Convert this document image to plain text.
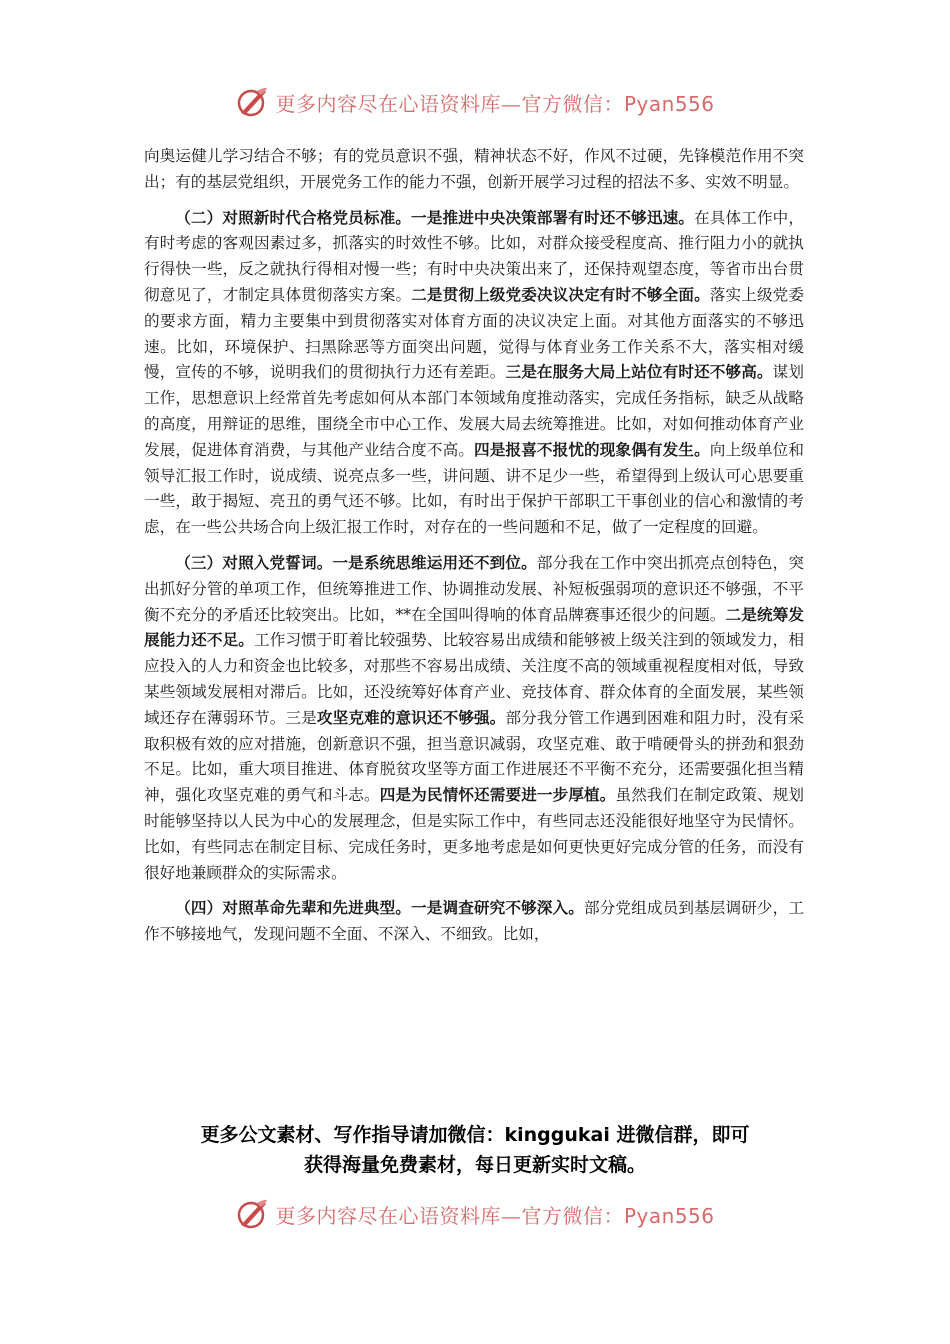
更多内容尽在心语资料库—官方微信：Pyan556

向奥运健儿学习结合不够；有的党员意识不强，精神状态不好，作风不过硬，先锋模范作用不突出；有的基层党组织，开展党务工作的能力不强，创新开展学习过程的招法不多、实效不明显。

（二）对照新时代合格党员标准。一是推进中央决策部署有时还不够迅速。在具体工作中，有时考虑的客观因素过多，抓落实的时效性不够。比如，对群众接受程度高、推行阻力小的就执行得快一些，反之就执行得相对慢一些；有时中央决策出来了，还保持观望态度，等省市出台贯彻意见了，才制定具体贯彻落实方案。二是贯彻上级党委决议决定有时不够全面。落实上级党委的要求方面，精力主要集中到贯彻落实对体育方面的决议决定上面。对其他方面落实的不够迅速。比如，环境保护、扫黑除恶等方面突出问题，觉得与体育业务工作关系不大，落实相对缓慢，宣传的不够，说明我们的贯彻执行力还有差距。三是在服务大局上站位有时还不够高。谋划工作，思想意识上经常首先考虑如何从本部门本领域角度推动落实，完成任务指标，缺乏从战略的高度，用辩证的思维，围绕全市中心工作、发展大局去统筹推进。比如，对如何推动体育产业发展，促进体育消费，与其他产业结合度不高。四是报喜不报忧的现象偶有发生。向上级单位和领导汇报工作时，说成绩、说亮点多一些，讲问题、讲不足少一些，希望得到上级认可心思要重一些，敢于揭短、亮丑的勇气还不够。比如，有时出于保护干部职工干事创业的信心和激情的考虑，在一些公共场合向上级汇报工作时，对存在的一些问题和不足，做了一定程度的回避。

（三）对照入党誓词。一是系统思维运用还不到位。部分我在工作中突出抓亮点创特色，突出抓好分管的单项工作，但统筹推进工作、协调推动发展、补短板强弱项的意识还不够强，不平衡不充分的矛盾还比较突出。比如，**在全国叫得响的体育品牌赛事还很少的问题。二是统筹发展能力还不足。工作习惯于盯着比较强势、比较容易出成绩和能够被上级关注到的领域发力，相应投入的人力和资金也比较多，对那些不容易出成绩、关注度不高的领域重视程度相对低，导致某些领域发展相对滞后。比如，还没统筹好体育产业、竞技体育、群众体育的全面发展，某些领域还存在薄弱环节。三是攻坚克难的意识还不够强。部分我分管工作遇到困难和阻力时，没有采取积极有效的应对措施，创新意识不强，担当意识减弱，攻坚克难、敢于啃硬骨头的拼劲和狠劲不足。比如，重大项目推进、体育脱贫攻坚等方面工作进展还不平衡不充分，还需要强化担当精神，强化攻坚克难的勇气和斗志。四是为民情怀还需要进一步厚植。虽然我们在制定政策、规划时能够坚持以人民为中心的发展理念，但是实际工作中，有些同志还没能很好地坚守为民情怀。比如，有些同志在制定目标、完成任务时，更多地考虑是如何更快更好完成分管的任务，而没有很好地兼顾群众的实际需求。

（四）对照革命先辈和先进典型。一是调查研究不够深入。部分党组成员到基层调研少，工作不够接地气，发现问题不全面、不深入、不细致。比如，

更多公文素材、写作指导请加微信：kinggukai 进微信群，即可
获得海量免费素材，每日更新实时文稿。
更多内容尽在心语资料库—官方微信：Pyan556
